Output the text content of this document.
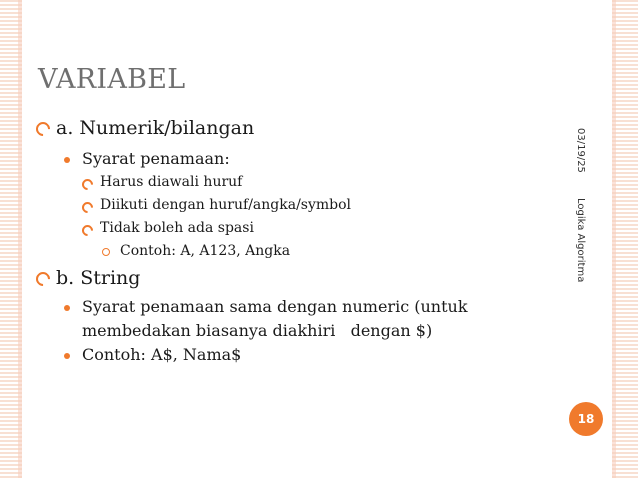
VARIABEL
03/19/25 Logika Algoritma
a. Numerik/bilangan
Syarat penamaan:
Harus diawali huruf
Diikuti dengan huruf/angka/symbol
Tidak boleh ada spasi
Contoh: A, A123, Angka
b. String
Syarat penamaan sama dengan numeric (untuk
membedakan biasanya diakhiri   dengan $)
Contoh: A$, Nama$
18
